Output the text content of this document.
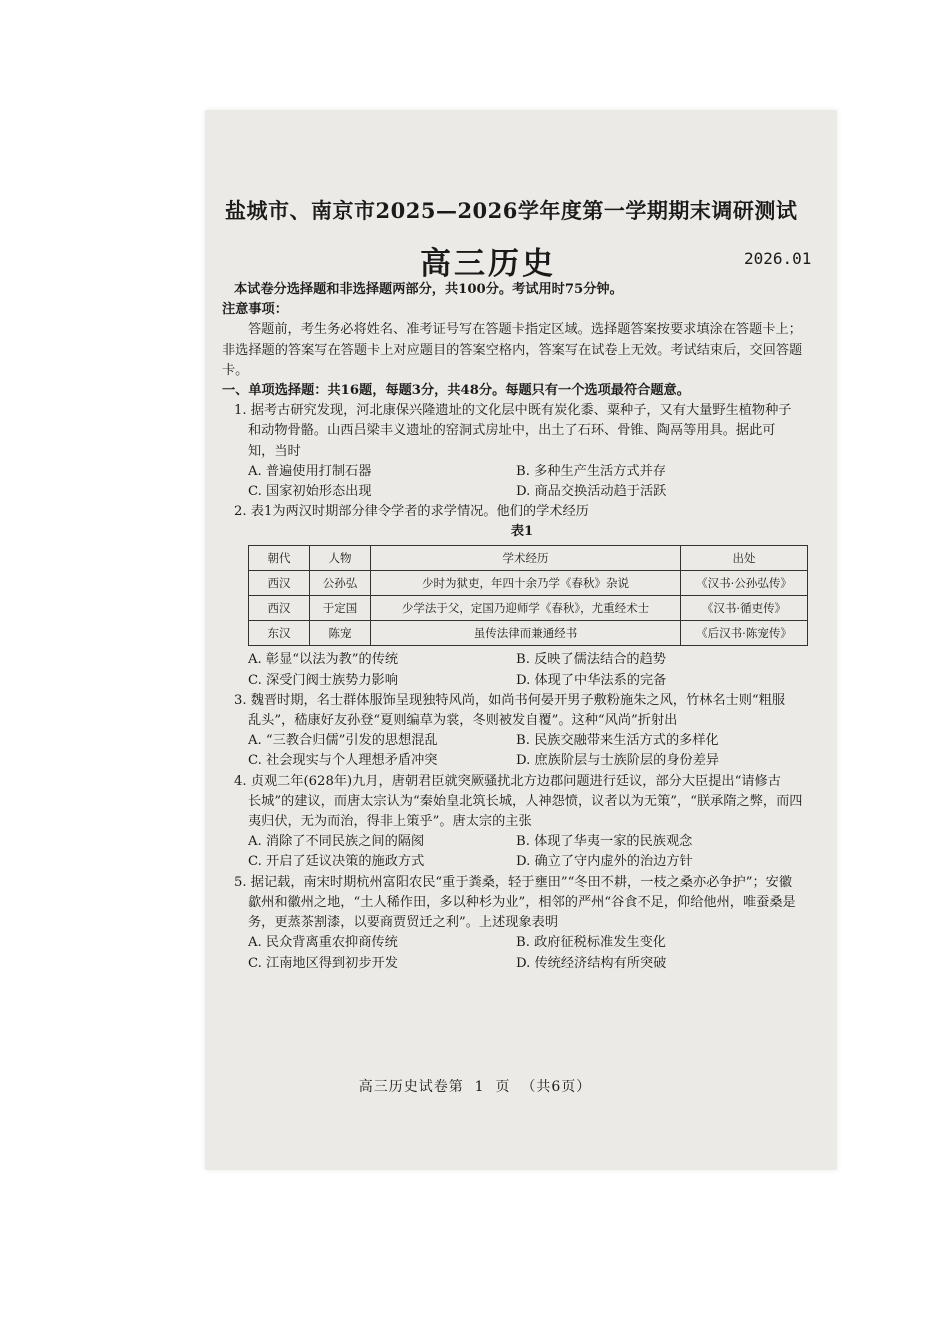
盐城市、南京市2025—2026学年度第一学期期末调研测试
高三历史	2026.01

本试卷分选择题和非选择题两部分，共100分。考试用时75分钟。

注意事项：

答题前，考生务必将姓名、准考证号写在答题卡指定区域。选择题答案按要求填涂在答题卡上；非选择题的答案写在答题卡上对应题目的答案空格内，答案写在试卷上无效。考试结束后，交回答题卡。

一、单项选择题：共16题，每题3分，共48分。每题只有一个选项最符合题意。

1. 据考古研究发现，河北康保兴隆遗址的文化层中既有炭化黍、粟种子，又有大量野生植物种子

和动物骨骼。山西吕梁丰义遗址的窑洞式房址中，出土了石环、骨锥、陶鬲等用具。据此可

知，当时

A. 普遍使用打制石器	B. 多种生产生活方式并存
C. 国家初始形态出现	D. 商品交换活动趋于活跃

2. 表1为两汉时期部分律令学者的求学情况。他们的学术经历

表1

朝代	人物	学术经历	出处
西汉	公孙弘	少时为狱吏，年四十余乃学《春秋》杂说	《汉书·公孙弘传》
西汉	于定国	少学法于父，定国乃迎师学《春秋》，尤重经术士	《汉书·循吏传》
东汉	陈宠	虽传法律而兼通经书	《后汉书·陈宠传》
A. 彰显“以法为教”的传统	B. 反映了儒法结合的趋势
C. 深受门阀士族势力影响	D. 体现了中华法系的完备

3. 魏晋时期，名士群体服饰呈现独特风尚，如尚书何晏开男子敷粉施朱之风，竹林名士则“粗服

乱头”，嵇康好友孙登“夏则编草为裳，冬则被发自覆”。这种“风尚”折射出

A. “三教合归儒”引发的思想混乱	B. 民族交融带来生活方式的多样化
C. 社会现实与个人理想矛盾冲突	D. 庶族阶层与士族阶层的身份差异

4. 贞观二年(628年)九月，唐朝君臣就突厥骚扰北方边郡问题进行廷议，部分大臣提出“请修古

长城”的建议，而唐太宗认为“秦始皇北筑长城，人神怨愤，议者以为无策”，“朕承隋之弊，而四

夷归伏，无为而治，得非上策乎”。唐太宗的主张

A. 消除了不同民族之间的隔阂	B. 体现了华夷一家的民族观念
C. 开启了廷议决策的施政方式	D. 确立了守内虚外的治边方针

5. 据记载，南宋时期杭州富阳农民“重于粪桑，轻于壅田”“冬田不耕，一枝之桑亦必争护”；安徽

歙州和徽州之地，“土人稀作田，多以种杉为业”，相邻的严州“谷食不足，仰给他州，唯蚕桑是

务，更蒸茶割漆，以要商贾贸迁之利”。上述现象表明

A. 民众背离重农抑商传统	B. 政府征税标准发生变化
C. 江南地区得到初步开发	D. 传统经济结构有所突破
高三历史试卷第  1  页  （共6页）
